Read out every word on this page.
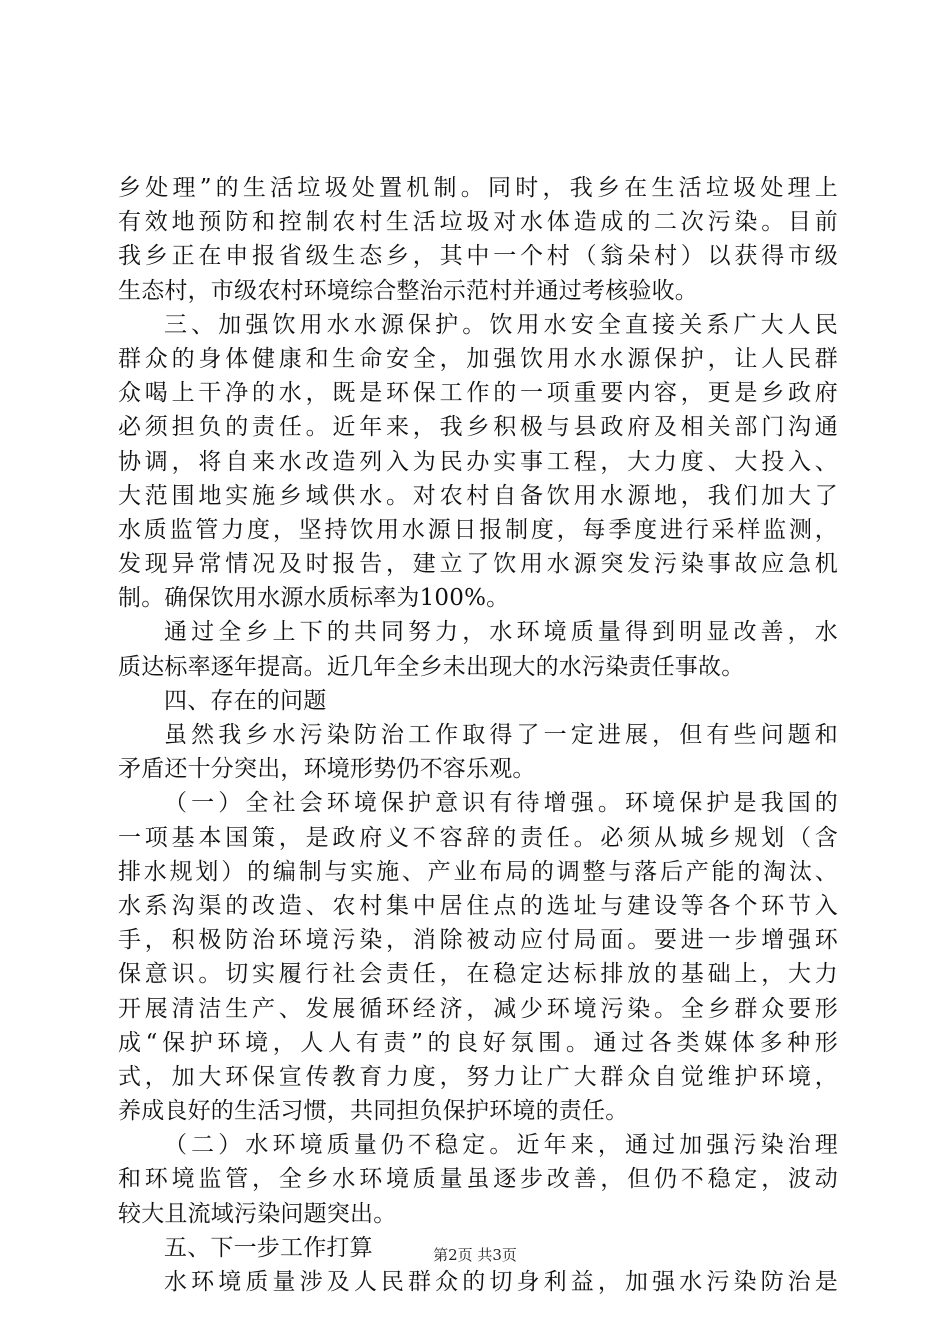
乡处理”的生活垃圾处置机制。同时，我乡在生活垃圾处理上
有效地预防和控制农村生活垃圾对水体造成的二次污染。目前
我乡正在申报省级生态乡，其中一个村（翁朵村）以获得市级
生态村，市级农村环境综合整治示范村并通过考核验收。
三、加强饮用水水源保护。饮用水安全直接关系广大人民
群众的身体健康和生命安全，加强饮用水水源保护，让人民群
众喝上干净的水，既是环保工作的一项重要内容，更是乡政府
必须担负的责任。近年来，我乡积极与县政府及相关部门沟通
协调，将自来水改造列入为民办实事工程，大力度、大投入、
大范围地实施乡域供水。对农村自备饮用水源地，我们加大了
水质监管力度，坚持饮用水源日报制度，每季度进行采样监测，
发现异常情况及时报告，建立了饮用水源突发污染事故应急机
制。确保饮用水源水质标率为100%。
通过全乡上下的共同努力，水环境质量得到明显改善，水
质达标率逐年提高。近几年全乡未出现大的水污染责任事故。
四、存在的问题
虽然我乡水污染防治工作取得了一定进展，但有些问题和
矛盾还十分突出，环境形势仍不容乐观。
（一）全社会环境保护意识有待增强。环境保护是我国的
一项基本国策，是政府义不容辞的责任。必须从城乡规划（含
排水规划）的编制与实施、产业布局的调整与落后产能的淘汰、
水系沟渠的改造、农村集中居住点的选址与建设等各个环节入
手，积极防治环境污染，消除被动应付局面。要进一步增强环
保意识。切实履行社会责任，在稳定达标排放的基础上，大力
开展清洁生产、发展循环经济，减少环境污染。全乡群众要形
成“保护环境，人人有责”的良好氛围。通过各类媒体多种形
式，加大环保宣传教育力度，努力让广大群众自觉维护环境，
养成良好的生活习惯，共同担负保护环境的责任。
（二）水环境质量仍不稳定。近年来，通过加强污染治理
和环境监管，全乡水环境质量虽逐步改善，但仍不稳定，波动
较大且流域污染问题突出。
五、下一步工作打算
水环境质量涉及人民群众的切身利益，加强水污染防治是
第2页 共3页
